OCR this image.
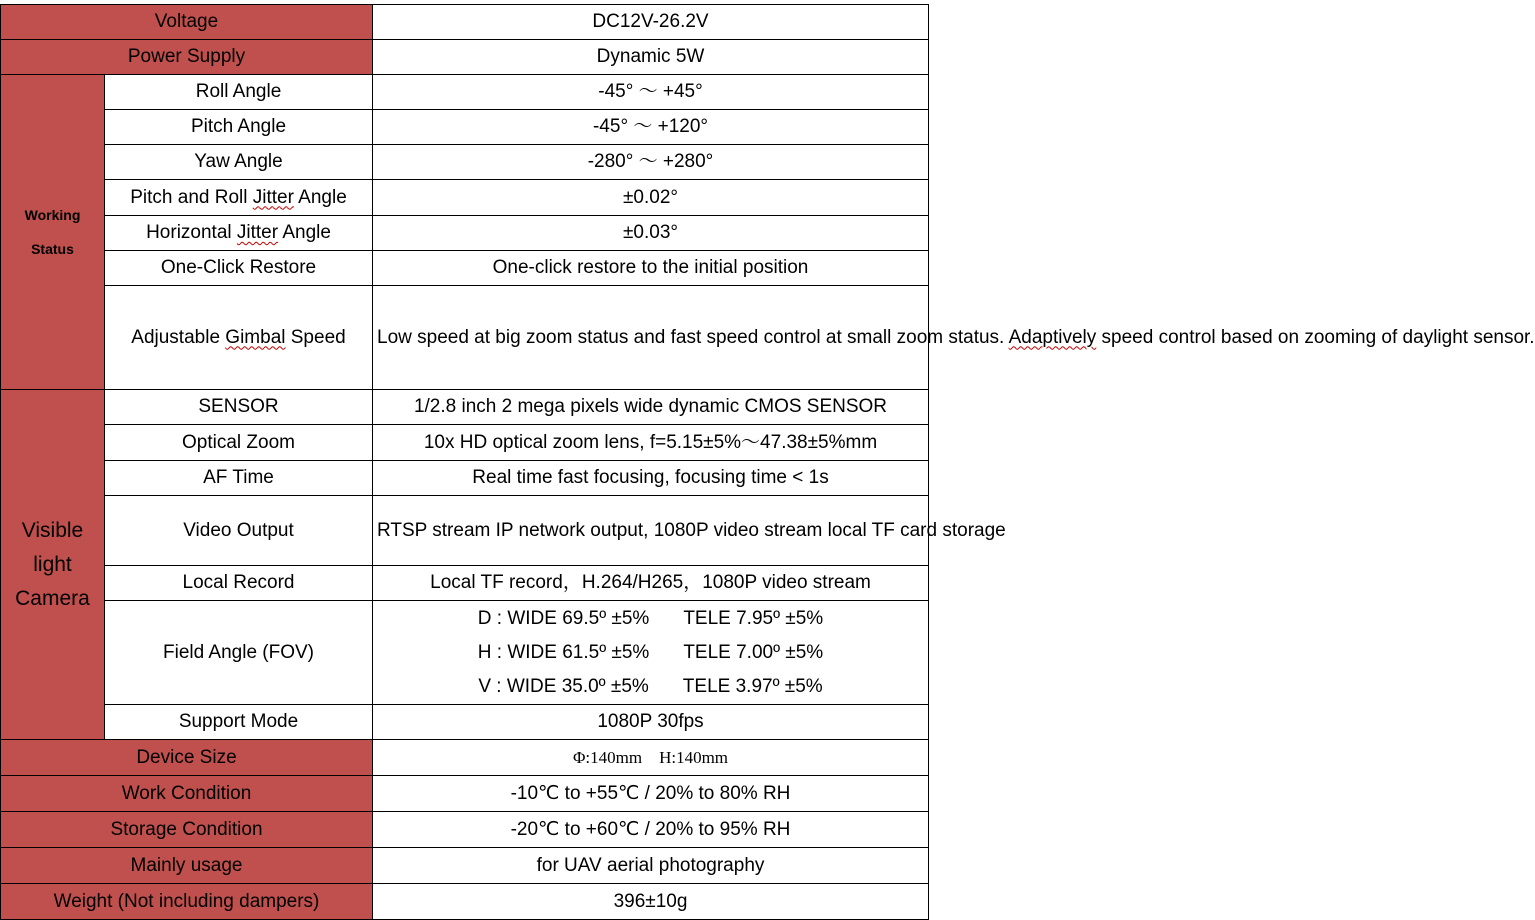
Voltage		DC12V-26.2V
Power Supply		Dynamic 5W

Working
Status	Roll Angle	-45° ～ +45°
	Pitch Angle	-45° ～ +120°
	Yaw Angle	-280° ～ +280°
	Pitch and Roll Jitter Angle	±0.02°
	Horizontal Jitter Angle	±0.03°
	One-Click Restore	One-click restore to the initial position
	Adjustable Gimbal Speed	Low speed at big zoom status and fast speed control at small zoom status. Adaptively speed control based on zooming of daylight sensor.

Visible
light
Camera	SENSOR	1/2.8 inch 2 mega pixels wide dynamic CMOS SENSOR
	Optical Zoom	10x HD optical zoom lens, f=5.15±5%～47.38±5%mm
	AF Time	Real time fast focusing, focusing time < 1s
	Video Output	RTSP stream IP network output, 1080P video stream local TF card storage
	Local Record	Local TF record，H.264/H265，1080P video stream
	Field Angle (FOV)	D : WIDE 69.5º ±5% TELE 7.95º ±5%
H : WIDE 61.5º ±5% TELE 7.00º ±5%
V : WIDE 35.0º ±5% TELE 3.97º ±5%

	Support Mode	1080P 30fps
Device Size		Φ:140mm    H:140mm
Work Condition		-10℃ to +55℃ / 20% to 80% RH
Storage Condition		-20℃ to +60℃ / 20% to 95% RH
Mainly usage		for UAV aerial photography
Weight (Not including dampers)		396±10g
